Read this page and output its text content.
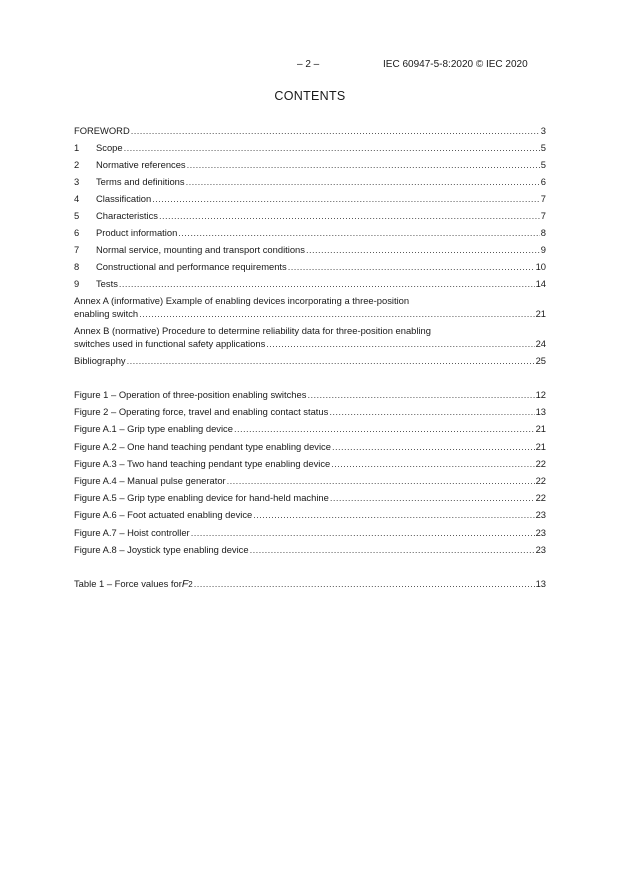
– 2 –	IEC 60947-5-8:2020 © IEC 2020
CONTENTS
FOREWORD .....	3
1	Scope .....	5
2	Normative references .....	5
3	Terms and definitions .....	6
4	Classification .....	7
5	Characteristics .....	7
6	Product information .....	8
7	Normal service, mounting and transport conditions .....	9
8	Constructional and performance requirements .....	10
9	Tests .....	14
Annex A (informative) Example of enabling devices incorporating a three-position
enabling switch .....	21
Annex B (normative) Procedure to determine reliability data for three-position enabling
switches used in functional safety applications .....	24
Bibliography .....	25
Figure 1 – Operation of three-position enabling switches .....	12
Figure 2 – Operating force, travel and enabling contact status .....	13
Figure A.1 – Grip type enabling device .....	21
Figure A.2 – One hand teaching pendant type enabling device .....	21
Figure A.3 – Two hand teaching pendant type enabling device .....	22
Figure A.4 – Manual pulse generator .....	22
Figure A.5 – Grip type enabling device for hand-held machine .....	22
Figure A.6 – Foot actuated enabling device .....	23
Figure A.7 – Hoist controller .....	23
Figure A.8 – Joystick type enabling device .....	23
Table 1 – Force values for F 2 .....	13
